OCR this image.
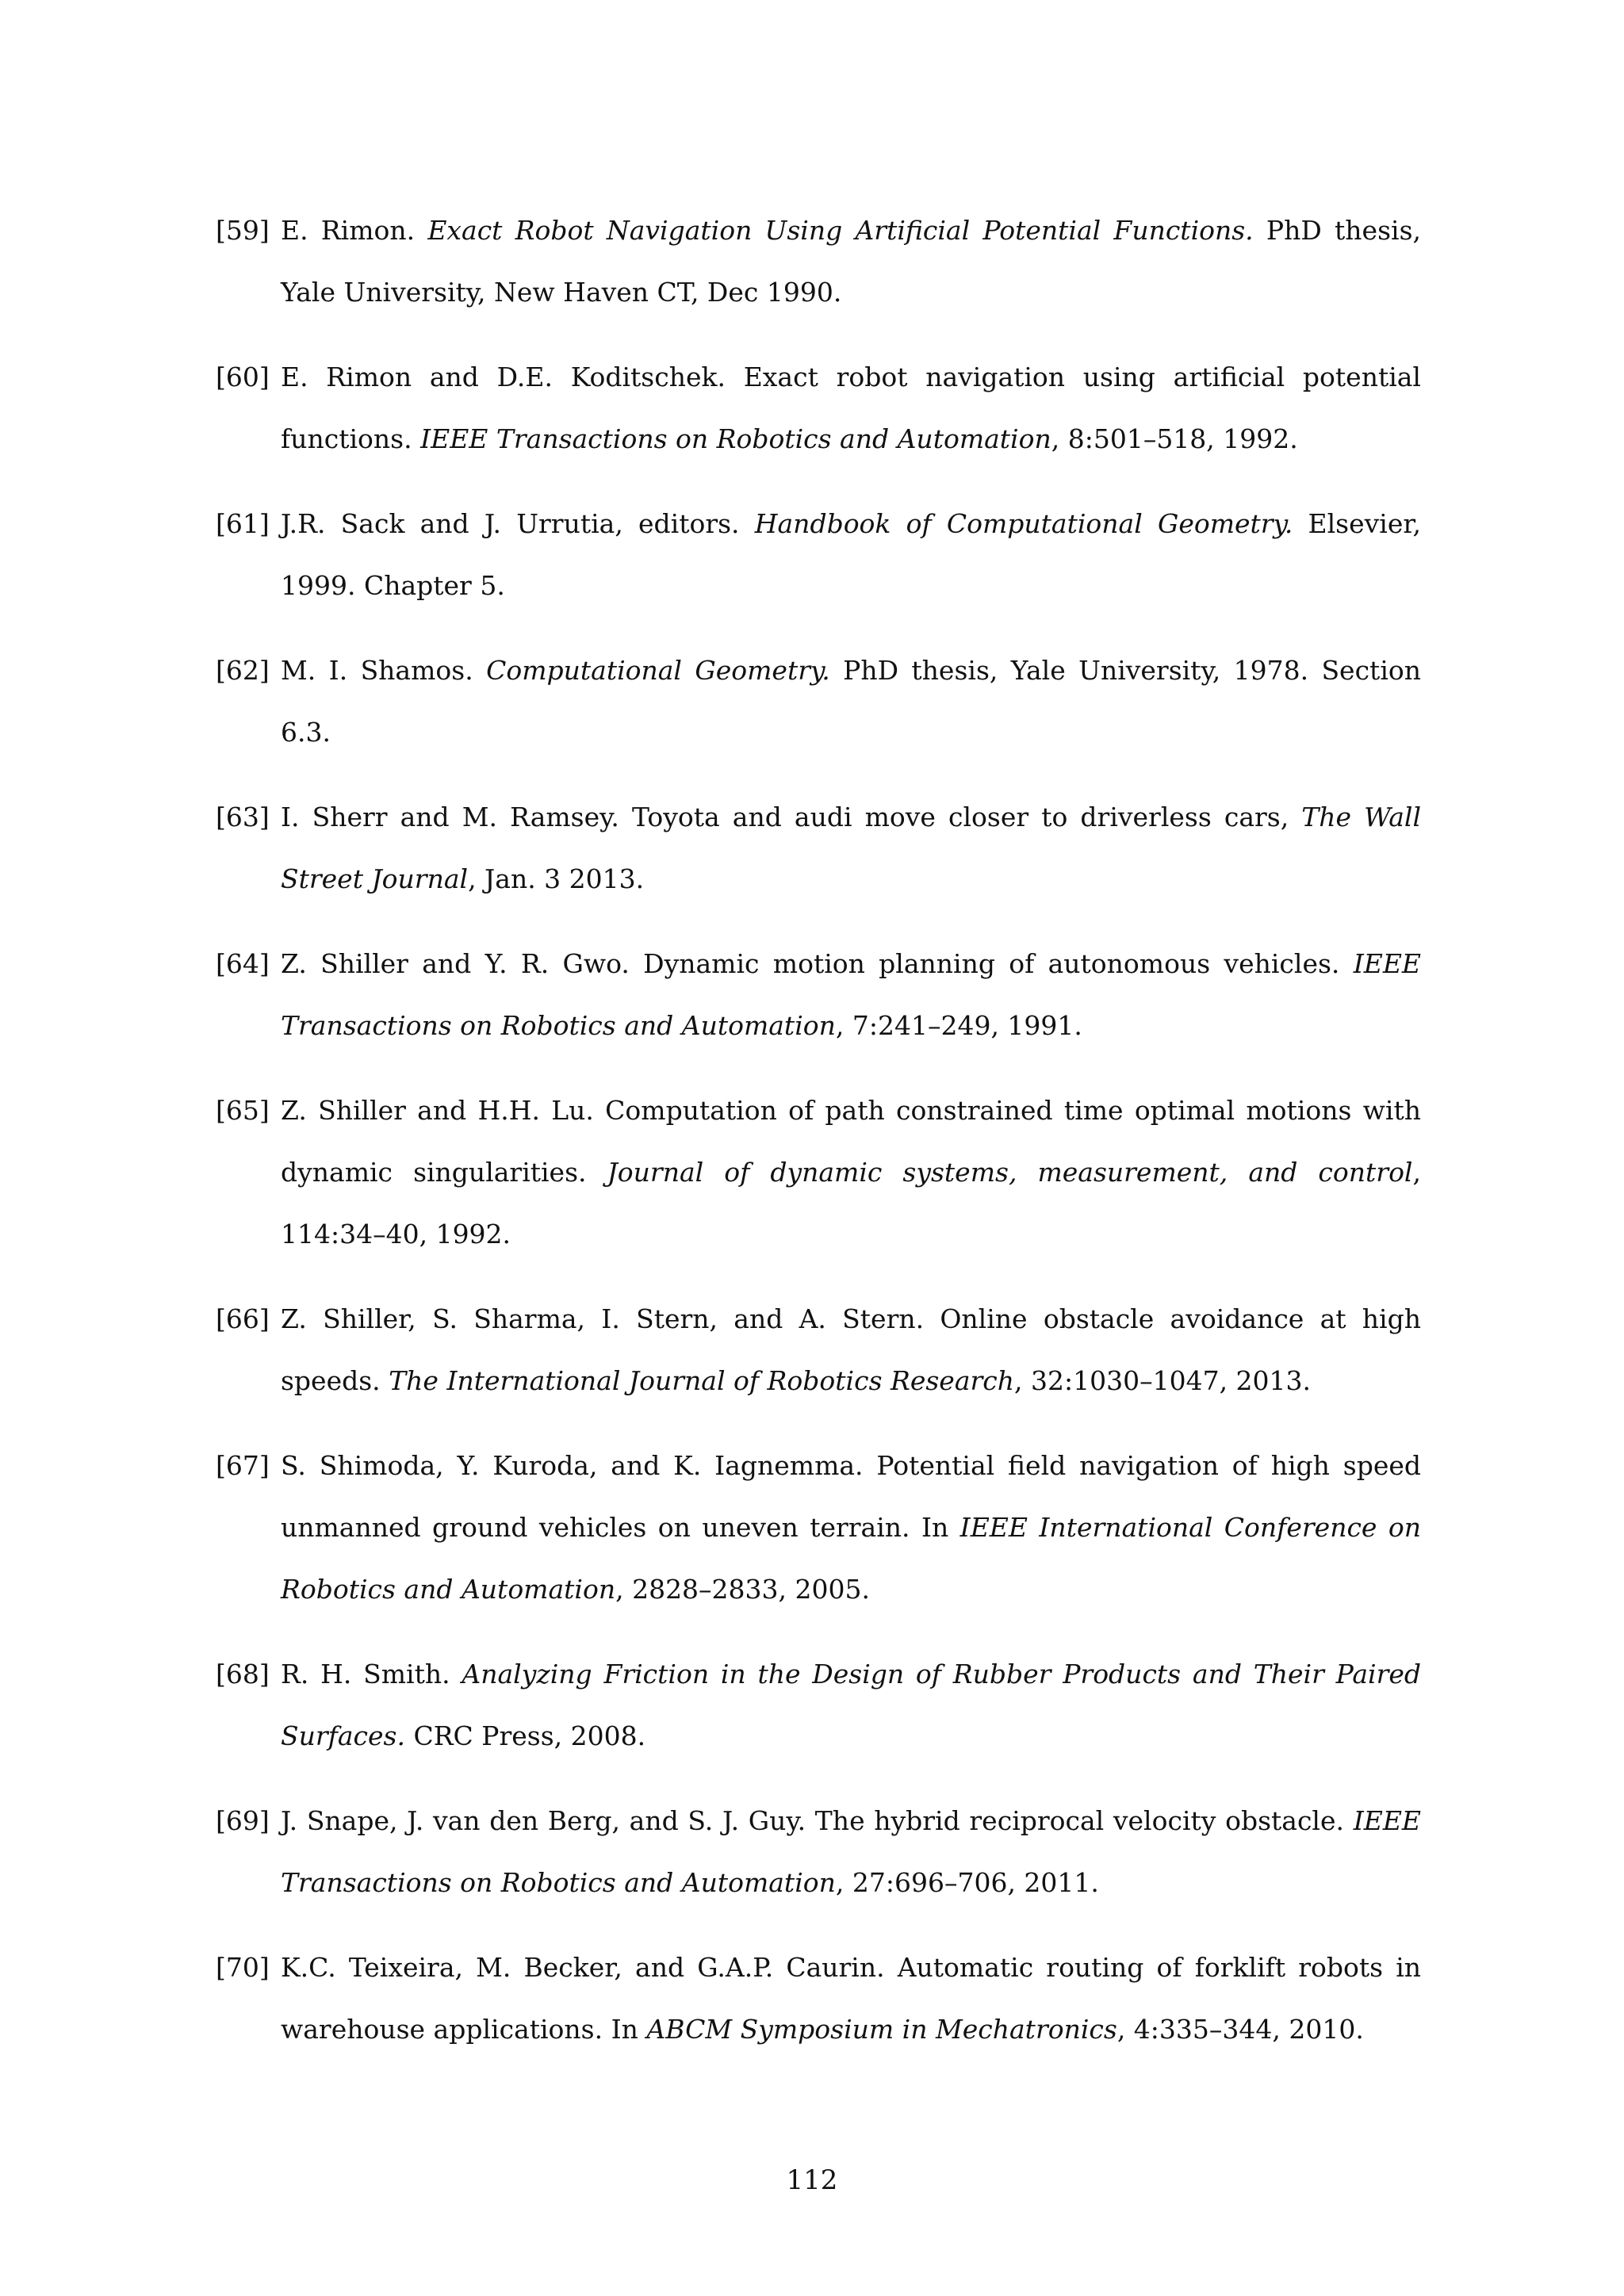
[59] E. Rimon. Exact Robot Navigation Using Artificial Potential Functions. PhD thesis, Yale University, New Haven CT, Dec 1990.
[60] E. Rimon and D.E. Koditschek. Exact robot navigation using artificial potential functions. IEEE Transactions on Robotics and Automation, 8:501–518, 1992.
[61] J.R. Sack and J. Urrutia, editors. Handbook of Computational Geometry. Elsevier, 1999. Chapter 5.
[62] M. I. Shamos. Computational Geometry. PhD thesis, Yale University, 1978. Section 6.3.
[63] I. Sherr and M. Ramsey. Toyota and audi move closer to driverless cars, The Wall Street Journal, Jan. 3 2013.
[64] Z. Shiller and Y. R. Gwo. Dynamic motion planning of autonomous vehicles. IEEE Transactions on Robotics and Automation, 7:241–249, 1991.
[65] Z. Shiller and H.H. Lu. Computation of path constrained time optimal motions with dynamic singularities. Journal of dynamic systems, measurement, and control, 114:34–40, 1992.
[66] Z. Shiller, S. Sharma, I. Stern, and A. Stern. Online obstacle avoidance at high speeds. The International Journal of Robotics Research, 32:1030–1047, 2013.
[67] S. Shimoda, Y. Kuroda, and K. Iagnemma. Potential field navigation of high speed unmanned ground vehicles on uneven terrain. In IEEE International Conference on Robotics and Automation, 2828–2833, 2005.
[68] R. H. Smith. Analyzing Friction in the Design of Rubber Products and Their Paired Surfaces. CRC Press, 2008.
[69] J. Snape, J. van den Berg, and S. J. Guy. The hybrid reciprocal velocity obstacle. IEEE Transactions on Robotics and Automation, 27:696–706, 2011.
[70] K.C. Teixeira, M. Becker, and G.A.P. Caurin. Automatic routing of forklift robots in warehouse applications. In ABCM Symposium in Mechatronics, 4:335–344, 2010.
112
